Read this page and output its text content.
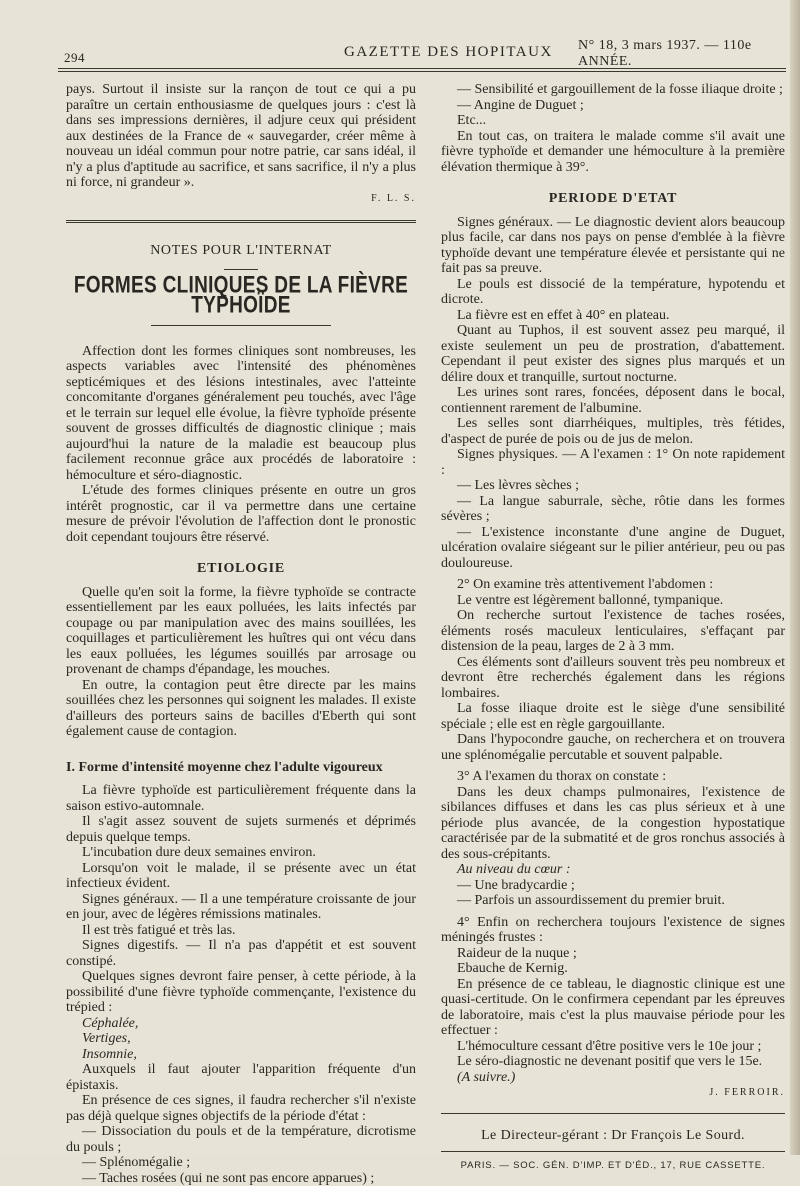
294	GAZETTE DES HOPITAUX N° 18, 3 mars 1937. — 110e ANNÉE.

pays. Surtout il insiste sur la rançon de tout ce qui a pu paraître un certain enthousiasme de quelques jours : c'est là dans ses impressions dernières, il adjure ceux qui président aux destinées de la France de « sauvegarder, créer même à nouveau un idéal commun pour notre patrie, car sans idéal, il n'y a plus d'aptitude au sacrifice, et sans sacrifice, il n'y a plus ni force, ni grandeur ».

F. L. S.
NOTES POUR L'INTERNAT
FORMES CLINIQUES DE LA FIÈVRE TYPHOÏDE

Affection dont les formes cliniques sont nombreuses, les aspects variables avec l'intensité des phénomènes septicémiques et des lésions intestinales, avec l'atteinte concomitante d'organes généralement peu touchés, avec l'âge et le terrain sur lequel elle évolue, la fièvre typhoïde présente souvent de grosses difficultés de diagnostic clinique ; mais aujourd'hui la nature de la maladie est beaucoup plus facilement reconnue grâce aux procédés de laboratoire : hémoculture et séro-diagnostic.

L'étude des formes cliniques présente en outre un gros intérêt prognostic, car il va permettre dans une certaine mesure de prévoir l'évolution de l'affection dont le pronostic doit cependant toujours être réservé.

ETIOLOGIE

Quelle qu'en soit la forme, la fièvre typhoïde se contracte essentiellement par les eaux polluées, les laits infectés par coupage ou par manipulation avec des mains souillées, les coquillages et particulièrement les huîtres qui ont vécu dans les eaux polluées, les légumes souillés par arrosage ou provenant de champs d'épandage, les mouches.

En outre, la contagion peut être directe par les mains souillées chez les personnes qui soignent les malades. Il existe d'ailleurs des porteurs sains de bacilles d'Eberth qui sont également cause de contagion.

I. Forme d'intensité moyenne chez l'adulte vigoureux

La fièvre typhoïde est particulièrement fréquente dans la saison estivo-automnale.

Il s'agit assez souvent de sujets surmenés et déprimés depuis quelque temps.

L'incubation dure deux semaines environ.

Lorsqu'on voit le malade, il se présente avec un état infectieux évident.

Signes généraux. — Il a une température croissante de jour en jour, avec de légères rémissions matinales.

Il est très fatigué et très las.

Signes digestifs. — Il n'a pas d'appétit et est souvent constipé.

Quelques signes devront faire penser, à cette période, à la possibilité d'une fièvre typhoïde commençante, l'existence du trépied :

Céphalée,

Vertiges,

Insomnie,

Auxquels il faut ajouter l'apparition fréquente d'un épistaxis.

En présence de ces signes, il faudra rechercher s'il n'existe pas déjà quelque signes objectifs de la période d'état :

— Dissociation du pouls et de la température, dicrotisme du pouls ;

— Splénomégalie ;

— Taches rosées (qui ne sont pas encore apparues) ;

— Sensibilité et gargouillement de la fosse iliaque droite ;

— Angine de Duguet ;

Etc...

En tout cas, on traitera le malade comme s'il avait une fièvre typhoïde et demander une hémoculture à la première élévation thermique à 39°.

PERIODE D'ETAT

Signes généraux. — Le diagnostic devient alors beaucoup plus facile, car dans nos pays on pense d'emblée à la fièvre typhoïde devant une température élevée et persistante qui ne fait pas sa preuve.

Le pouls est dissocié de la température, hypotendu et dicrote.

La fièvre est en effet à 40° en plateau.

Quant au Tuphos, il est souvent assez peu marqué, il existe seulement un peu de prostration, d'abattement. Cependant il peut exister des signes plus marqués et un délire doux et tranquille, surtout nocturne.

Les urines sont rares, foncées, déposent dans le bocal, contiennent rarement de l'albumine.

Les selles sont diarrhéiques, multiples, très fétides, d'aspect de purée de pois ou de jus de melon.

Signes physiques. — A l'examen : 1° On note rapidement :

— Les lèvres sèches ;

— La langue saburrale, sèche, rôtie dans les formes sévères ;

— L'existence inconstante d'une angine de Duguet, ulcération ovalaire siégeant sur le pilier antérieur, peu ou pas douloureuse.

2° On examine très attentivement l'abdomen :

Le ventre est légèrement ballonné, tympanique.

On recherche surtout l'existence de taches rosées, éléments rosés maculeux lenticulaires, s'effaçant par distension de la peau, larges de 2 à 3 mm.

Ces éléments sont d'ailleurs souvent très peu nombreux et devront être recherchés également dans les régions lombaires.

La fosse iliaque droite est le siège d'une sensibilité spéciale ; elle est en règle gargouillante.

Dans l'hypocondre gauche, on recherchera et on trouvera une splénomégalie percutable et souvent palpable.

3° A l'examen du thorax on constate :

Dans les deux champs pulmonaires, l'existence de sibilances diffuses et dans les cas plus sérieux et à une période plus avancée, de la congestion hypostatique caractérisée par de la submatité et de gros ronchus associés à des sous-crépitants.

Au niveau du cœur :

— Une bradycardie ;

— Parfois un assourdissement du premier bruit.

4° Enfin on recherchera toujours l'existence de signes méningés frustes :

Raideur de la nuque ;

Ebauche de Kernig.

En présence de ce tableau, le diagnostic clinique est une quasi-certitude. On le confirmera cependant par les épreuves de laboratoire, mais c'est la plus mauvaise période pour les effectuer :

L'hémoculture cessant d'être positive vers le 10e jour ;

Le séro-diagnostic ne devenant positif que vers le 15e.

(A suivre.)

J. FERROIR.
Le Directeur-gérant : Dr François Le Sourd.
PARIS. — SOC. GÉN. D'IMP. ET D'ÉD., 17, RUE CASSETTE.
